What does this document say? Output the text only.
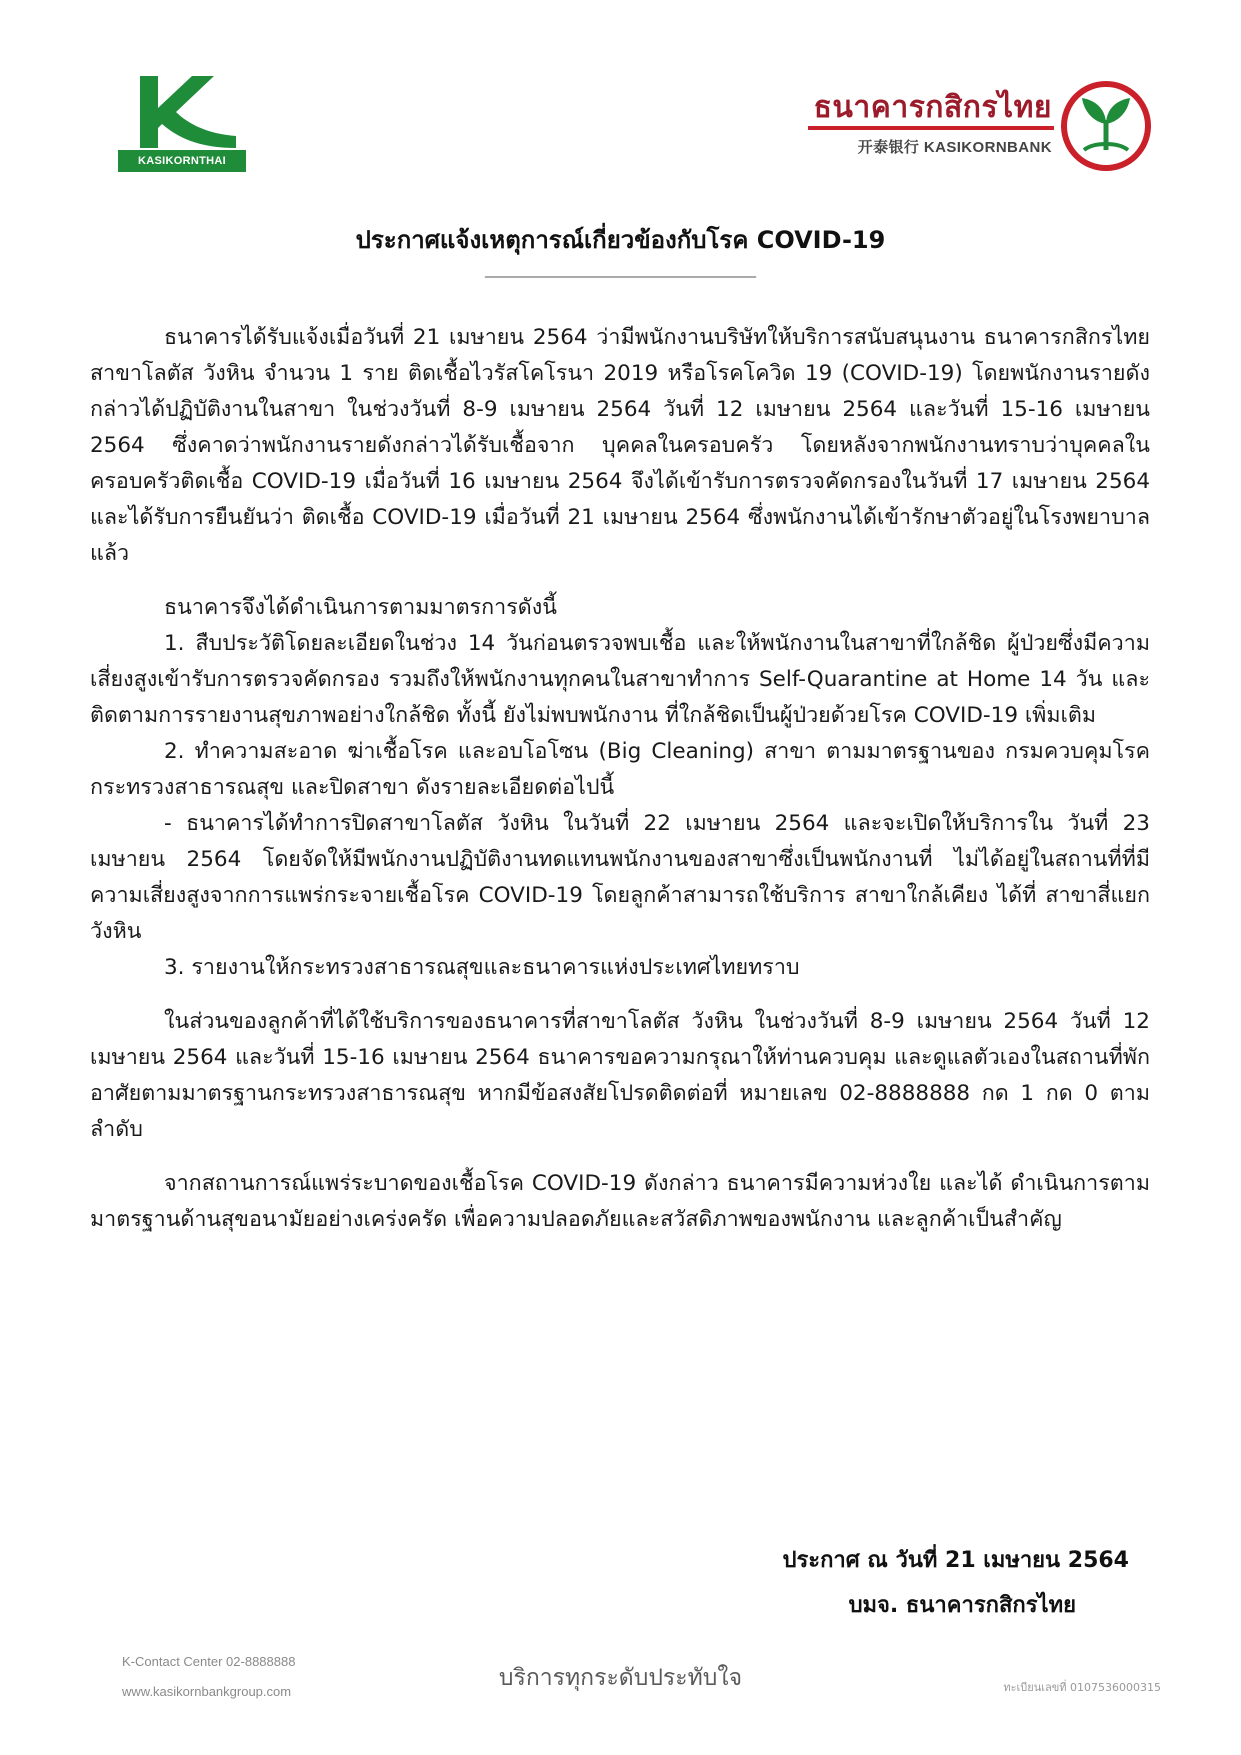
KASIKORNTHAI
ธนาคารกสิกรไทย
开泰银行 KASIKORNBANK
ประกาศแจ้งเหตุการณ์เกี่ยวข้องกับโรค COVID-19
_____________________________________________

ธนาคารได้รับแจ้งเมื่อวันที่ 21 เมษายน 2564 ว่ามีพนักงานบริษัทให้บริการสนับสนุนงาน ธนาคารกสิกรไทย สาขาโลตัส วังหิน จำนวน 1 ราย ติดเชื้อไวรัสโคโรนา 2019 หรือโรคโควิด 19 (COVID-19) โดยพนักงานรายดังกล่าวได้ปฏิบัติงานในสาขา ในช่วงวันที่ 8-9 เมษายน 2564 วันที่ 12 เมษายน 2564 และวันที่ 15-16 เมษายน 2564 ซึ่งคาดว่าพนักงานรายดังกล่าวได้รับเชื้อจาก บุคคลในครอบครัว โดยหลังจากพนักงานทราบว่าบุคคลในครอบครัวติดเชื้อ COVID-19 เมื่อวันที่ 16 เมษายน 2564 จึงได้เข้ารับการตรวจคัดกรองในวันที่ 17 เมษายน 2564 และได้รับการยืนยันว่า ติดเชื้อ COVID-19 เมื่อวันที่ 21 เมษายน 2564 ซึ่งพนักงานได้เข้ารักษาตัวอยู่ในโรงพยาบาลแล้ว

ธนาคารจึงได้ดำเนินการตามมาตรการดังนี้

1. สืบประวัติโดยละเอียดในช่วง 14 วันก่อนตรวจพบเชื้อ และให้พนักงานในสาขาที่ใกล้ชิด ผู้ป่วยซึ่งมีความเสี่ยงสูงเข้ารับการตรวจคัดกรอง รวมถึงให้พนักงานทุกคนในสาขาทำการ Self-Quarantine at Home 14 วัน และติดตามการรายงานสุขภาพอย่างใกล้ชิด ทั้งนี้ ยังไม่พบพนักงาน ที่ใกล้ชิดเป็นผู้ป่วยด้วยโรค COVID-19 เพิ่มเติม

2. ทำความสะอาด ฆ่าเชื้อโรค และอบโอโซน (Big Cleaning) สาขา ตามมาตรฐานของ กรมควบคุมโรค กระทรวงสาธารณสุข และปิดสาขา ดังรายละเอียดต่อไปนี้

- ธนาคารได้ทำการปิดสาขาโลตัส วังหิน ในวันที่ 22 เมษายน 2564 และจะเปิดให้บริการใน วันที่ 23 เมษายน 2564 โดยจัดให้มีพนักงานปฏิบัติงานทดแทนพนักงานของสาขาซึ่งเป็นพนักงานที่ ไม่ได้อยู่ในสถานที่ที่มีความเสี่ยงสูงจากการแพร่กระจายเชื้อโรค COVID-19 โดยลูกค้าสามารถใช้บริการ สาขาใกล้เคียง ได้ที่ สาขาสี่แยกวังหิน

3. รายงานให้กระทรวงสาธารณสุขและธนาคารแห่งประเทศไทยทราบ

ในส่วนของลูกค้าที่ได้ใช้บริการของธนาคารที่สาขาโลตัส วังหิน ในช่วงวันที่ 8-9 เมษายน 2564 วันที่ 12 เมษายน 2564 และวันที่ 15-16 เมษายน 2564 ธนาคารขอความกรุณาให้ท่านควบคุม และดูแลตัวเองในสถานที่พักอาศัยตามมาตรฐานกระทรวงสาธารณสุข หากมีข้อสงสัยโปรดติดต่อที่ หมายเลข 02-8888888 กด 1 กด 0 ตามลำดับ

จากสถานการณ์แพร่ระบาดของเชื้อโรค COVID-19 ดังกล่าว ธนาคารมีความห่วงใย และได้ ดำเนินการตามมาตรฐานด้านสุขอนามัยอย่างเคร่งครัด เพื่อความปลอดภัยและสวัสดิภาพของพนักงาน และลูกค้าเป็นสำคัญ

ประกาศ ณ วันที่ 21 เมษายน 2564
บมจ. ธนาคารกสิกรไทย
K-Contact Center 02-8888888
www.kasikornbankgroup.com
บริการทุกระดับประทับใจ	ทะเบียนเลขที่ 0107536000315
